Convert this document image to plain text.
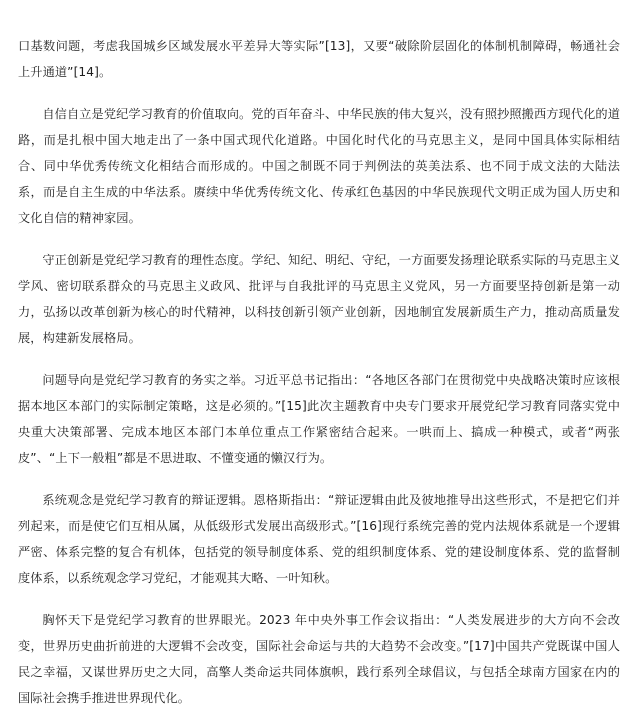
口基数问题，考虑我国城乡区域发展水平差异大等实际”[13]，又要“破除阶层固化的体制机制障碍，畅通社会上升通道”[14]。

自信自立是党纪学习教育的价值取向。党的百年奋斗、中华民族的伟大复兴，没有照抄照搬西方现代化的道路，而是扎根中国大地走出了一条中国式现代化道路。中国化时代化的马克思主义，是同中国具体实际相结合、同中华优秀传统文化相结合而形成的。中国之制既不同于判例法的英美法系、也不同于成文法的大陆法系，而是自主生成的中华法系。赓续中华优秀传统文化、传承红色基因的中华民族现代文明正成为国人历史和文化自信的精神家园。

守正创新是党纪学习教育的理性态度。学纪、知纪、明纪、守纪，一方面要发扬理论联系实际的马克思主义学风、密切联系群众的马克思主义政风、批评与自我批评的马克思主义党风，另一方面要坚持创新是第一动力，弘扬以改革创新为核心的时代精神，以科技创新引领产业创新，因地制宜发展新质生产力，推动高质量发展，构建新发展格局。

问题导向是党纪学习教育的务实之举。习近平总书记指出：“各地区各部门在贯彻党中央战略决策时应该根据本地区本部门的实际制定策略，这是必须的。”[15]此次主题教育中央专门要求开展党纪学习教育同落实党中央重大决策部署、完成本地区本部门本单位重点工作紧密结合起来。一哄而上、搞成一种模式，或者“两张皮”、“上下一般粗”都是不思进取、不懂变通的懒汉行为。

系统观念是党纪学习教育的辩证逻辑。恩格斯指出：“辩证逻辑由此及彼地推导出这些形式，不是把它们并列起来，而是使它们互相从属，从低级形式发展出高级形式。”[16]现行系统完善的党内法规体系就是一个逻辑严密、体系完整的复合有机体，包括党的领导制度体系、党的组织制度体系、党的建设制度体系、党的监督制度体系，以系统观念学习党纪，才能观其大略、一叶知秋。

胸怀天下是党纪学习教育的世界眼光。2023 年中央外事工作会议指出：“人类发展进步的大方向不会改变，世界历史曲折前进的大逻辑不会改变，国际社会命运与共的大趋势不会改变。”[17]中国共产党既谋中国人民之幸福，又谋世界历史之大同，高擎人类命运共同体旗帜，践行系列全球倡议，与包括全球南方国家在内的国际社会携手推进世界现代化。
